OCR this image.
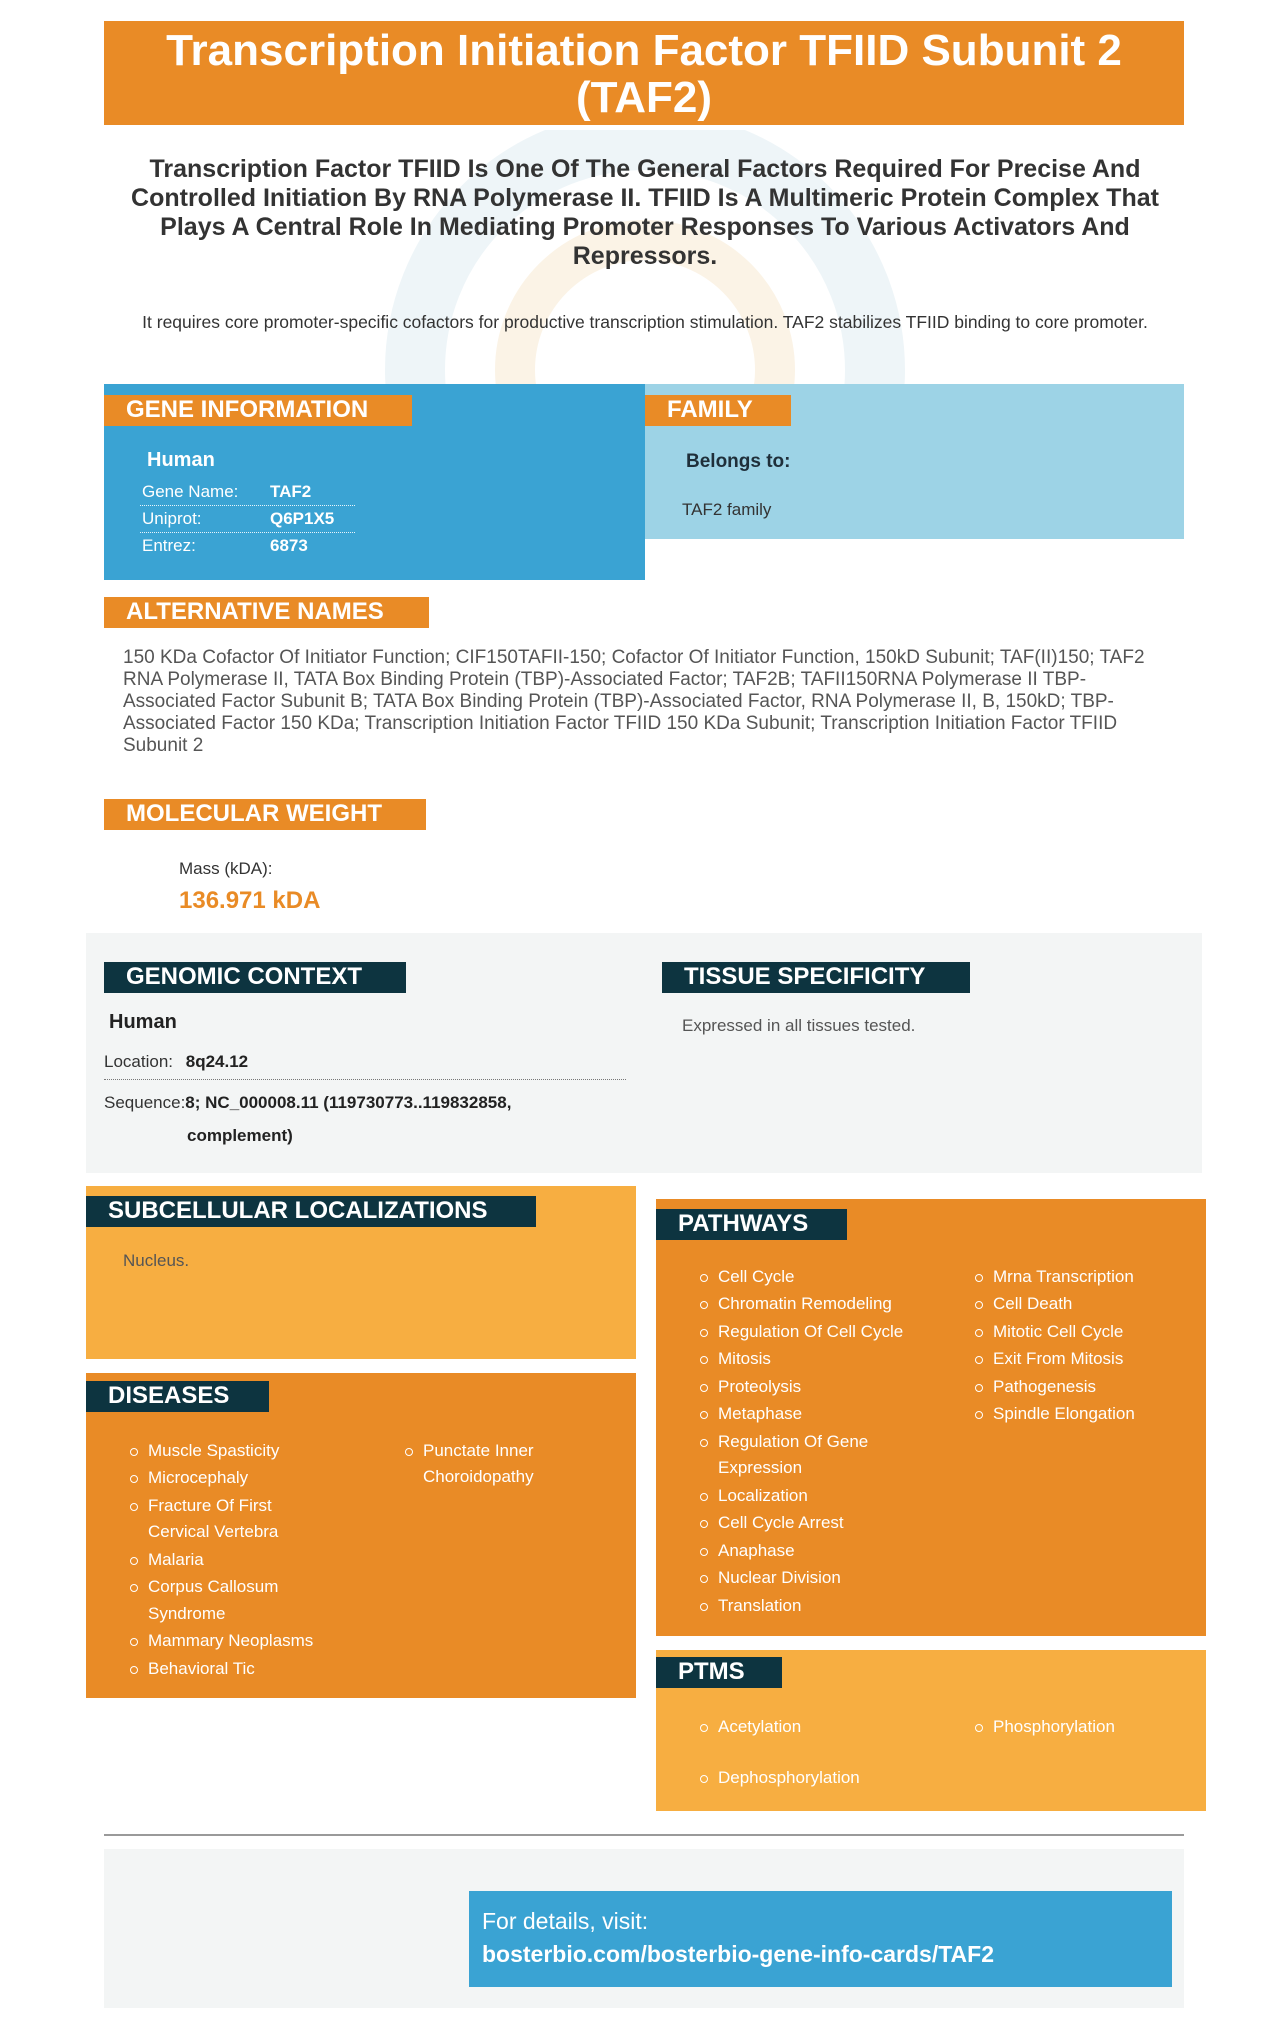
Transcription Initiation Factor TFIID Subunit 2 (TAF2)
Transcription Factor TFIID Is One Of The General Factors Required For Precise And Controlled Initiation By RNA Polymerase II. TFIID Is A Multimeric Protein Complex That Plays A Central Role In Mediating Promoter Responses To Various Activators And Repressors.
It requires core promoter-specific cofactors for productive transcription stimulation. TAF2 stabilizes TFIID binding to core promoter.
GENE INFORMATION	FAMILY
Human
Gene Name: TAF2
Uniprot:	Q6P1X5
Entrez:	6873
Belongs to:
TAF2 family
ALTERNATIVE NAMES
150 KDa Cofactor Of Initiator Function; CIF150TAFII-150; Cofactor Of Initiator Function, 150kD Subunit; TAF(II)150; TAF2 RNA Polymerase II, TATA Box Binding Protein (TBP)-Associated Factor; TAF2B; TAFII150RNA Polymerase II TBP-Associated Factor Subunit B; TATA Box Binding Protein (TBP)-Associated Factor, RNA Polymerase II, B, 150kD; TBP-Associated Factor 150 KDa; Transcription Initiation Factor TFIID 150 KDa Subunit; Transcription Initiation Factor TFIID Subunit 2
MOLECULAR WEIGHT
Mass (kDA):
136.971 kDA
GENOMIC CONTEXT	TISSUE SPECIFICITY
Human
Location: 8q24.12
Sequence:8; NC_000008.11 (119730773..119832858,
complement)
Expressed in all tissues tested.
SUBCELLULAR LOCALIZATIONS
Nucleus.
DISEASES
Muscle Spasticity
Microcephaly
Fracture Of First Cervical Vertebra
Malaria
Corpus Callosum Syndrome
Mammary Neoplasms
Behavioral Tic
Punctate Inner Choroidopathy
PATHWAYS
Cell Cycle
Chromatin Remodeling
Regulation Of Cell Cycle
Mitosis
Proteolysis
Metaphase
Regulation Of Gene Expression
Localization
Cell Cycle Arrest
Anaphase
Nuclear Division
Translation
Mrna Transcription
Cell Death
Mitotic Cell Cycle
Exit From Mitosis
Pathogenesis
Spindle Elongation
PTMS
Acetylation
Dephosphorylation
Phosphorylation
For details, visit:
bosterbio.com/bosterbio-gene-info-cards/TAF2
